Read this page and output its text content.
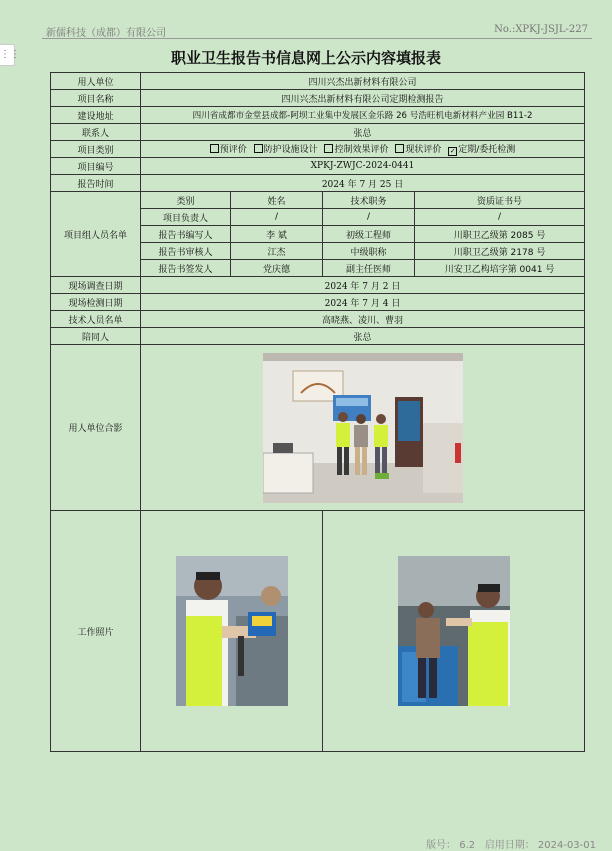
新儒科技（成都）有限公司	No.:XPKJ-JSJL-227
⋮⋮	职业卫生报告书信息网上公示内容填报表
用人单位	四川兴杰出新材料有限公司			
项目名称	四川兴杰出新材料有限公司定期检测报告			
建设地址	四川省成都市金堂县成都-阿坝工业集中发展区金乐路 26 号浩旺机电新材料产业园 B11-2			
联系人	张总			
项目类别	预评价 防护设施设计 控制效果评价 现状评价 ✓ 定期/委托检测			
项目编号	XPKJ-ZWJC-2024-0441			
报告时间	2024 年 7 月 25 日			
项目组人员名单	类别	姓名	技术职务	资质证书号
	项目负责人	/	/	/
	报告书编写人	李 斌	初级工程师	川职卫乙级第 2085 号
	报告书审核人	江杰	中级职称	川职卫乙级第 2178 号
	报告书签发人	党庆德	副主任医师	川安卫乙构培字第 0041 号
现场调查日期	2024 年 7 月 2 日			
现场检测日期	2024 年 7 月 4 日			
技术人员名单	高晓燕、凌川、曹羽			
陪同人	张总			
用人单位合影	

工作照片	

版号： 6.2 启用日期： 2024-03-01
